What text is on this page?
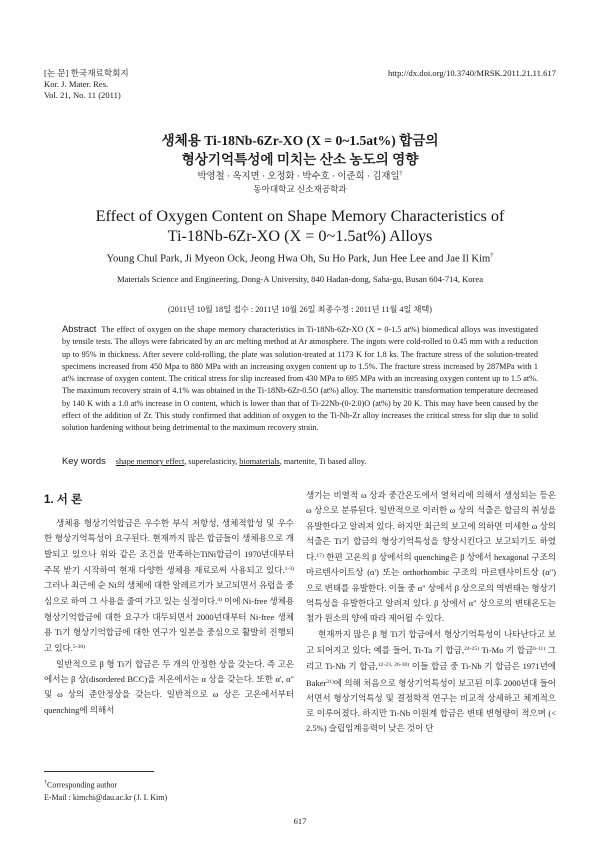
[논 문] 한국재료학회지
Kor. J. Mater. Res.
Vol. 21, No. 11 (2011)
http://dx.doi.org/10.3740/MRSK.2011.21.11.617
생체용 Ti-18Nb-6Zr-XO (X = 0~1.5at%) 합금의
형상기억특성에 미치는 산소 농도의 영향
박영철 · 옥지면 · 오정화 · 박수호 · 이준희 · 김재일†
동아대학교 신소재공학과
Effect of Oxygen Content on Shape Memory Characteristics of
Ti-18Nb-6Zr-XO (X = 0~1.5at%) Alloys
Young Chul Park, Ji Myeon Ock, Jeong Hwa Oh, Su Ho Park, Jun Hee Lee and Jae Il Kim†
Materials Science and Engineering, Dong-A University, 840 Hadan-dong, Saha-gu, Busan 604-714, Korea
(2011년 10월 18일 접수 : 2011년 10월 26일 최종수정 : 2011년 11월 4일 채택)
Abstract The effect of oxygen on the shape memory characteristics in Ti-18Nb-6Zr-XO (X = 0-1.5 at%) biomedical alloys was investigated by tensile tests. The alloys were fabricated by an arc melting method at Ar atmosphere. The ingots were cold-rolled to 0.45 mm with a reduction up to 95% in thickness. After severe cold-rolling, the plate was solution-treated at 1173 K for 1.8 ks. The fracture stress of the solution-treated specimens increased from 450 Mpa to 880 MPa with an increasing oxygen content up to 1.5%. The fracture stress increased by 287MPa with 1 at% increase of oxygen content. The critical stress for slip increased from 430 MPa to 695 MPa with an increasing oxygen content up to 1.5 at%. The maximum recovery strain of 4.1% was obtained in the Ti-18Nb-6Zr-0.5O (at%) alloy. The martensitic transformation temperature decreased by 140 K with a 1.0 at% increase in O content, which is lower than that of Ti-22Nb-(0-2.0)O (at%) by 20 K. This may have been caused by the effect of the addition of Zr. This study confirmed that addition of oxygen to the Ti-Nb-Zr alloy increases the critical stress for slip due to solid solution hardening without being detrimental to the maximum recovery strain.
Key words shape memory effect, superelasticity, biomaterials, martenite, Ti based alloy.
1. 서 론

생체용 형상기억합금은 우수한 부식 저항성, 생체적합성 및 우수한 형상기억특성이 요구된다. 현재까지 많은 합금들이 생체용으로 개발되고 있으나 위와 같은 조건을 만족하는TiNi합금이 1970년대부터 주목 받기 시작하여 현재 다양한 생체용 재료로써 사용되고 있다.$^{1-3)}$ 그러나 최근에 순 Ni의 생체에 대한 알레르기가 보고되면서 유럽을 중심으로 하여 그 사용을 줄여 가고 있는 실정이다.$^{4)}$ 이에 Ni-free 생체용 형상기억합금에 대한 요구가 대두되면서 2000년대부터 Ni-free 생체용 Ti기 형상기억합금에 대한 연구가 일본을 중심으로 활발히 진행되고 있다.$^{5-30)}$

일반적으로 β 형 Ti기 합금은 두 개의 안정한 상을 갖는다. 즉 고온에서는 β 상(disordered BCC)을 저온에서는 α 상을 갖는다. 또한 α', α" 및 ω 상의 준안정상을 갖는다. 일반적으로 ω 상은 고온에서부터 quenching에 의해서

생기는 비열적 ω 상과 중간온도에서 열처리에 의해서 생성되는 등온 ω 상으로 분류된다. 일반적으로 이러한 ω 상의 석출은 합금의 취성을 유발한다고 알려져 있다. 하지만 최근의 보고에 의하면 미세한 ω 상의 석출은 Ti기 합금의 형상기억특성을 향상시킨다고 보고되기도 하였다.$^{17)}$ 한편 고온의 β 상에서의 quenching은 β 상에서 hexagonal 구조의 마르텐사이트상 (α') 또는 orthorhombic 구조의 마르텐사이트상 (α") 으로 변태를 유발한다. 이들 중 α" 상에서 β 상으로의 역변태는 형상기억특성을 유발한다고 알려져 있다. β 상에서 α" 상으로의 변태온도는 첨가 원소의 양에 따라 제어될 수 있다.

현재까지 많은 β 형 Ti기 합금에서 형상기억특성이 나타난다고 보고 되어지고 있다; 예를 들어, Ti-Ta 기 합금,$^{24-25)}$ Ti-Mo 기 합금$^{6-11)}$ 그리고 Ti-Nb 기 합금,$^{12-23, 26-30)}$ 이들 합금 중 Ti-Nb 기 합금은 1971년에 Baker$^{31)}$에 의해 처음으로 형상기억특성이 보고된 이후 2000년대 들어서면서 형상기억특성 및 결정학적 연구는 비교적 상세하고 체계적으로 이루어졌다. 하지만 Ti-Nb 이원계 합금은 변태 변형량이 적으며 (< 2.5%) 슬립임계응력이 낮은 것이 단

†Corresponding author
E-Mail : kimchi@dau.ac.kr (J. I. Kim)
617
